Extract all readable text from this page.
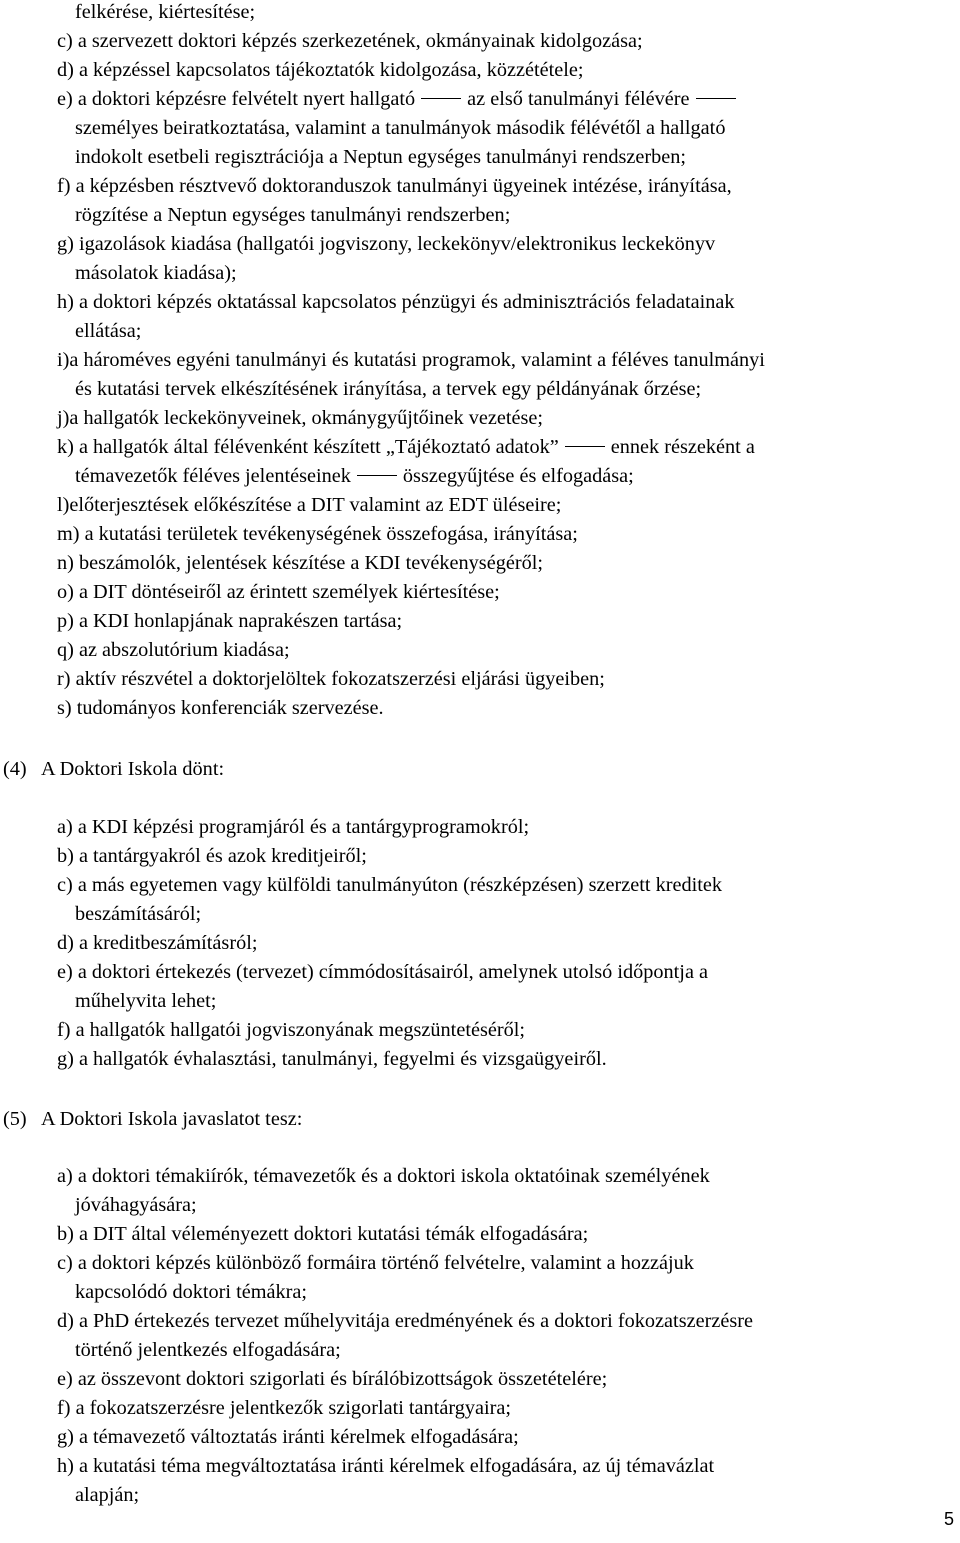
felkérése, kiértesítése;
c) a szervezett doktori képzés szerkezetének, okmányainak kidolgozása;
d) a képzéssel kapcsolatos tájékoztatók kidolgozása, közzététele;
e) a doktori képzésre felvételt nyert hallgató	az első tanulmányi félévére
személyes beiratkoztatása, valamint a tanulmányok második félévétől a hallgató
indokolt esetbeli regisztrációja a Neptun egységes tanulmányi rendszerben;
f) a képzésben résztvevő doktoranduszok tanulmányi ügyeinek intézése, irányítása,
rögzítése a Neptun egységes tanulmányi rendszerben;
g) igazolások kiadása (hallgatói jogviszony, leckekönyv/elektronikus leckekönyv
másolatok kiadása);
h) a doktori képzés oktatással kapcsolatos pénzügyi és adminisztrációs feladatainak
ellátása;
i)a hároméves egyéni tanulmányi és kutatási programok, valamint a féléves tanulmányi
és kutatási tervek elkészítésének irányítása, a tervek egy példányának őrzése;
j)a hallgatók leckekönyveinek, okmánygyűjtőinek vezetése;
k) a hallgatók által félévenként készített „Tájékoztató adatok”	ennek részeként a
témavezetők féléves jelentéseinek	összegyűjtése és elfogadása;
l)előterjesztések előkészítése a DIT valamint az EDT üléseire;
m) a kutatási területek tevékenységének összefogása, irányítása;
n) beszámolók, jelentések készítése a KDI tevékenységéről;
o) a DIT döntéseiről az érintett személyek kiértesítése;
p) a KDI honlapjának naprakészen tartása;
q) az abszolutórium kiadása;
r) aktív részvétel a doktorjelöltek fokozatszerzési eljárási ügyeiben;
s) tudományos konferenciák szervezése.
(4) A Doktori Iskola dönt:
a) a KDI képzési programjáról és a tantárgyprogramokról;
b) a tantárgyakról és azok kreditjeiről;
c) a más egyetemen vagy külföldi tanulmányúton (részképzésen) szerzett kreditek
beszámításáról;
d) a kreditbeszámításról;
e) a doktori értekezés (tervezet) címmódosításairól, amelynek utolsó időpontja a
műhelyvita lehet;
f) a hallgatók hallgatói jogviszonyának megszüntetéséről;
g) a hallgatók évhalasztási, tanulmányi, fegyelmi és vizsgaügyeiről.
(5) A Doktori Iskola javaslatot tesz:
a) a doktori témakiírók, témavezetők és a doktori iskola oktatóinak személyének
jóváhagyására;
b) a DIT által véleményezett doktori kutatási témák elfogadására;
c) a doktori képzés különböző formáira történő felvételre, valamint a hozzájuk
kapcsolódó doktori témákra;
d) a PhD értekezés tervezet műhelyvitája eredményének és a doktori fokozatszerzésre
történő jelentkezés elfogadására;
e) az összevont doktori szigorlati és bírálóbizottságok összetételére;
f) a fokozatszerzésre jelentkezők szigorlati tantárgyaira;
g) a témavezető változtatás iránti kérelmek elfogadására;
h) a kutatási téma megváltoztatása iránti kérelmek elfogadására, az új témavázlat
alapján;
5
